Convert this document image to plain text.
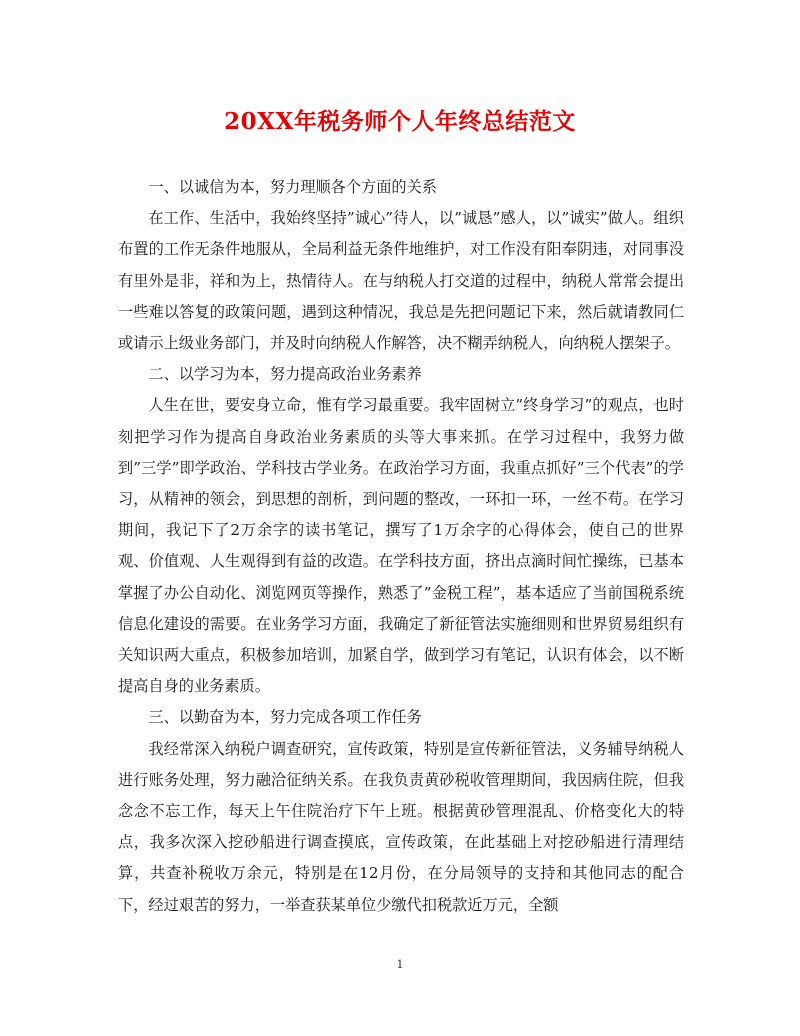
20XX年税务师个人年终总结范文

一、以诚信为本，努力理顺各个方面的关系

在工作、生活中，我始终坚持”诚心”待人，以”诚恳”感人，以”诚实”做人。组织布置的工作无条件地服从，全局利益无条件地维护，对工作没有阳奉阴违，对同事没有里外是非，祥和为上，热情待人。在与纳税人打交道的过程中，纳税人常常会提出一些难以答复的政策问题，遇到这种情况，我总是先把问题记下来，然后就请教同仁或请示上级业务部门，并及时向纳税人作解答，决不糊弄纳税人，向纳税人摆架子。

二、以学习为本，努力提高政治业务素养

人生在世，要安身立命，惟有学习最重要。我牢固树立”终身学习”的观点，也时刻把学习作为提高自身政治业务素质的头等大事来抓。在学习过程中，我努力做到”三学”即学政治、学科技古学业务。在政治学习方面，我重点抓好”三个代表”的学习，从精神的领会，到思想的剖析，到问题的整改，一环扣一环，一丝不苟。在学习期间，我记下了2万余字的读书笔记，撰写了1万余字的心得体会，使自己的世界观、价值观、人生观得到有益的改造。在学科技方面，挤出点滴时间忙操练，已基本掌握了办公自动化、浏览网页等操作，熟悉了”金税工程”，基本适应了当前国税系统信息化建设的需要。在业务学习方面，我确定了新征管法实施细则和世界贸易组织有关知识两大重点，积极参加培训，加紧自学，做到学习有笔记，认识有体会，以不断提高自身的业务素质。

三、以勤奋为本，努力完成各项工作任务

我经常深入纳税户调查研究，宣传政策，特别是宣传新征管法，义务辅导纳税人进行账务处理，努力融洽征纳关系。在我负责黄砂税收管理期间，我因病住院，但我念念不忘工作，每天上午住院治疗下午上班。根据黄砂管理混乱、价格变化大的特点，我多次深入挖砂船进行调查摸底，宣传政策，在此基础上对挖砂船进行清理结算，共查补税收万余元，特别是在12月份，在分局领导的支持和其他同志的配合下，经过艰苦的努力，一举查获某单位少缴代扣税款近万元，全额

1
